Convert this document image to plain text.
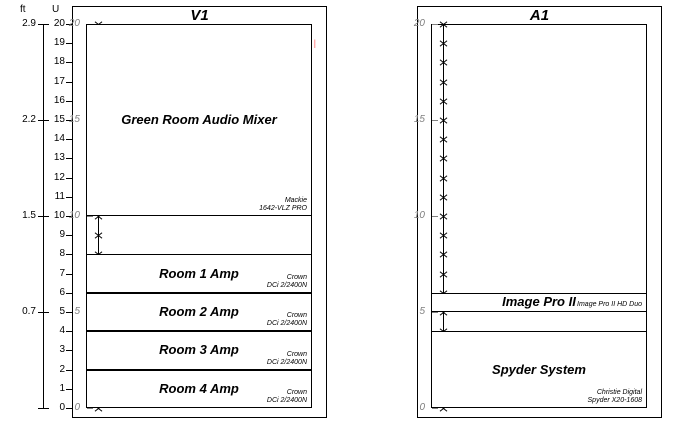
ft	U
2.9
2.2
1.5
0.7
20
19
18
17
16
15
14
13
12
11
10
9
8
7
6
5
4
3
2
1
0
V1
20
15
10
5
0
Green Room Audio Mixer
Mackie
1642-VLZ PRO
|
Room 1 Amp	Crown
DCi 2/2400N
Room 2 Amp	Crown
DCi 2/2400N
Room 3 Amp	Crown
DCi 2/2400N
Room 4 Amp	Crown
DCi 2/2400N
A1
20
15
10
5
0
Image Pro II Image Pro II HD Duo
Spyder System
Christie Digital
Spyder X20-1608
